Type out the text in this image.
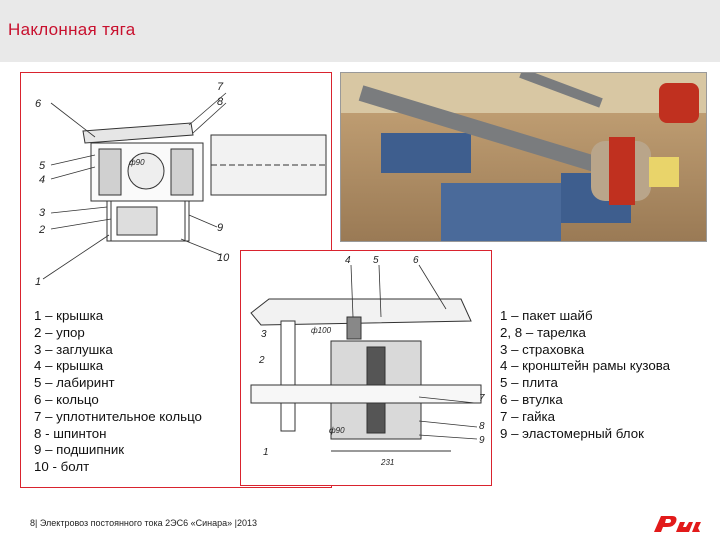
Наклонная тяга
6
7
8
5
4
3
2	9
10
1
ф90
4 5	6
3
2
1
7
8
9
ф100
ф90
231
1 – крышка
2 – упор
3 – заглушка
4 – крышка
5 – лабиринт
6 – кольцо
7 – уплотнительное кольцо
8 - шпинтон
9 – подшипник
10 - болт
1 – пакет шайб
2, 8 – тарелка
3 – страховка
4 – кронштейн рамы кузова
5 – плита
6 – втулка
7 – гайка
9 – эластомерный блок
8| Электровоз постоянного тока 2ЭС6 «Синара» |2013
